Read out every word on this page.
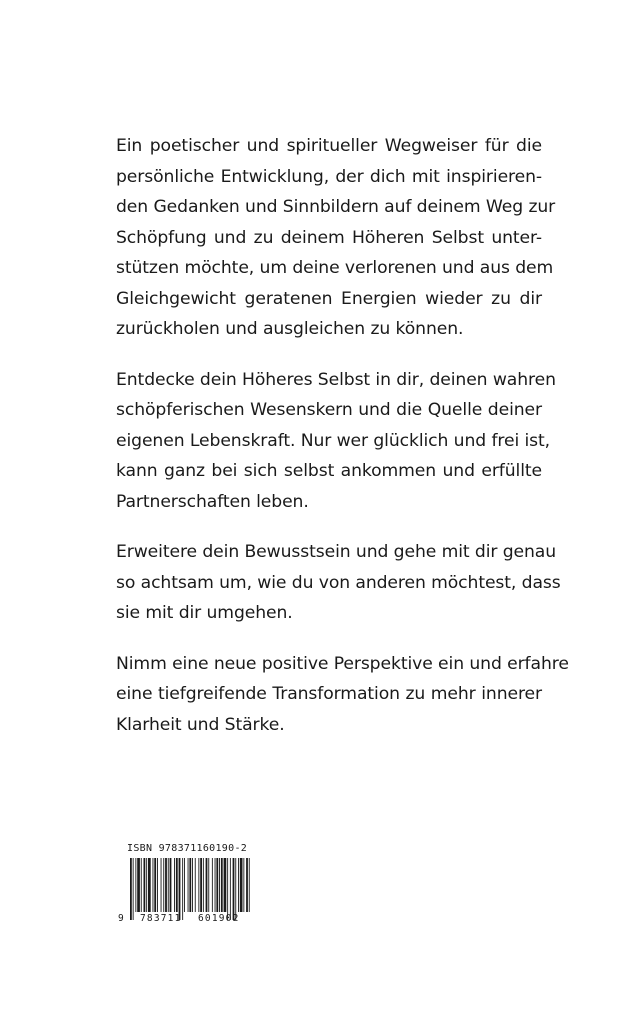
Ein poetischer und spiritueller Wegweiser für die
persönliche Entwicklung, der dich mit inspirieren-
den Gedanken und Sinnbildern auf deinem Weg zur
Schöpfung und zu deinem Höheren Selbst unter-
stützen möchte, um deine verlorenen und aus dem
Gleichgewicht geratenen Energien wieder zu dir
zurückholen und ausgleichen zu können.
Entdecke dein Höheres Selbst in dir, deinen wahren
schöpferischen Wesenskern und die Quelle deiner
eigenen Lebenskraft. Nur wer glücklich und frei ist,
kann ganz bei sich selbst ankommen und erfüllte
Partnerschaften leben.
Erweitere dein Bewusstsein und gehe mit dir genau
so achtsam um, wie du von anderen möchtest, dass
sie mit dir umgehen.
Nimm eine neue positive Perspektive ein und erfahre
eine tiefgreifende Transformation zu mehr innerer
Klarheit und Stärke.
ISBN 978371160190-2
9 783711 601902
